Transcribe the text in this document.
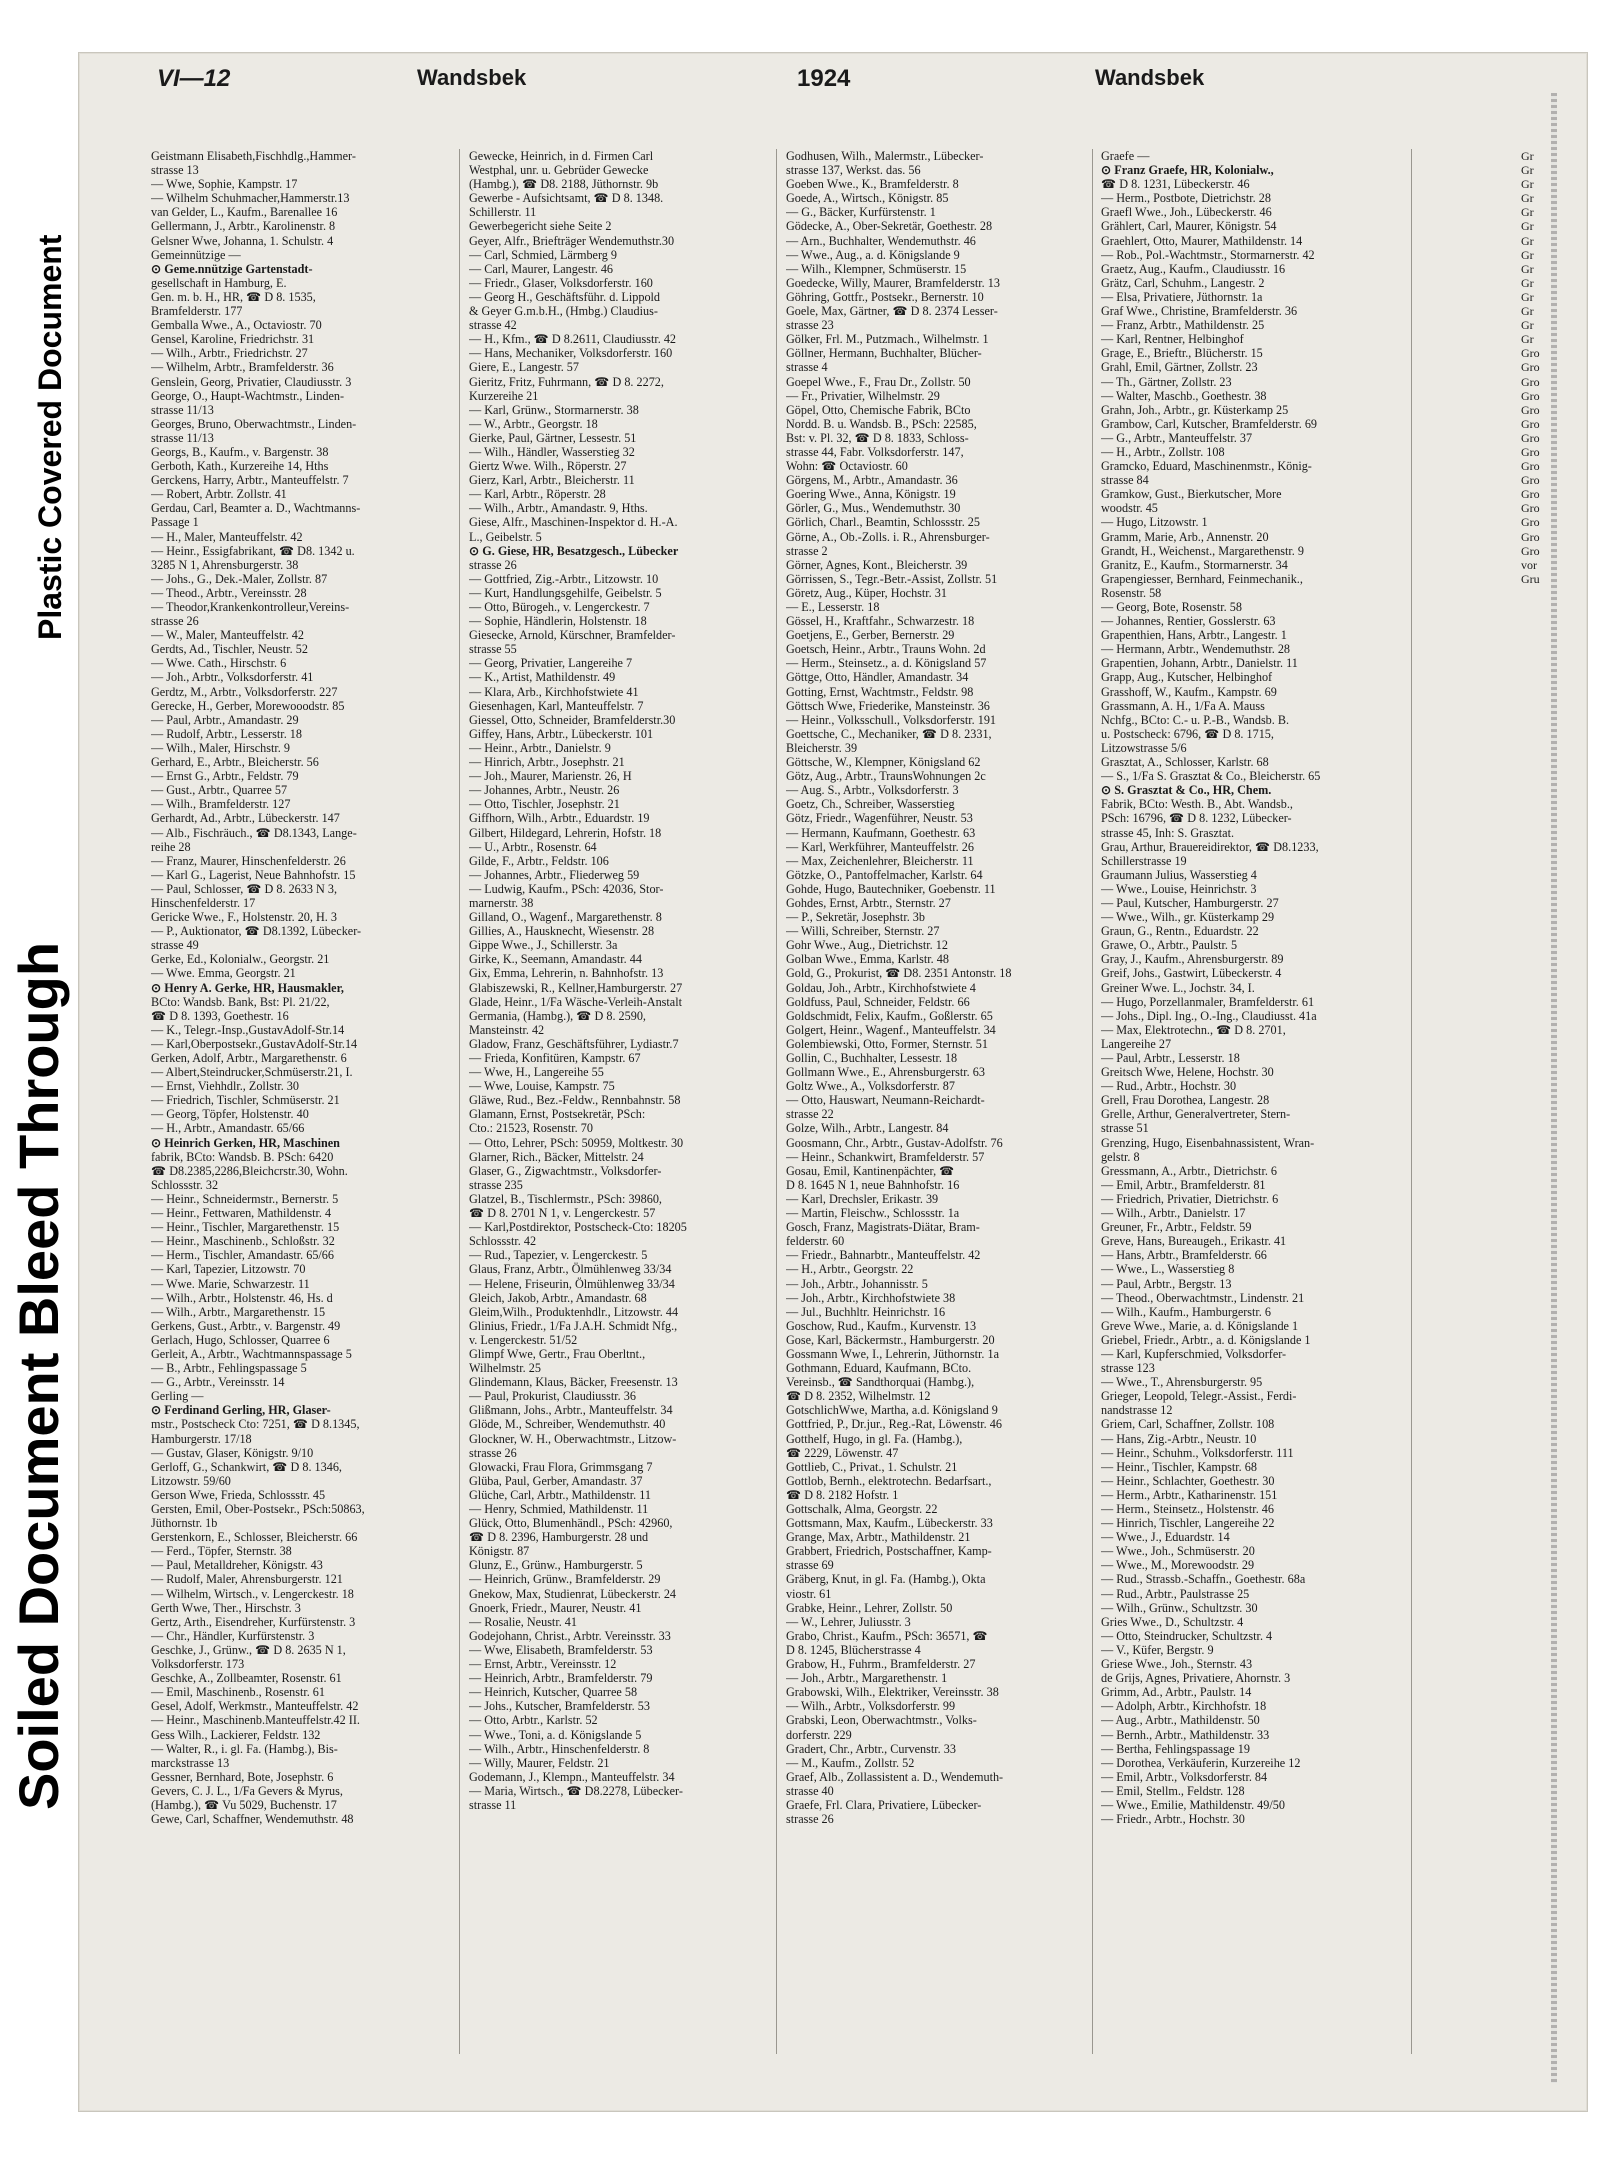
Plastic Covered Document
Soiled Document Bleed Through
VI—12	Wandsbek	1924	Wandsbek
Geistmann Elisabeth,Fischhdlg.,Hammer-
strasse 13
— Wwe, Sophie, Kampstr. 17
— Wilhelm Schuhmacher,Hammerstr.13
van Gelder, L., Kaufm., Barenallee 16
Gellermann, J., Arbtr., Karolinenstr. 8
Gelsner Wwe, Johanna, 1. Schulstr. 4
Gemeinnützige —
⊙ Geme.nnützige Gartenstadt-
gesellschaft in Hamburg, E.
Gen. m. b. H., HR, ☎ D 8. 1535,
Bramfelderstr. 177
Gemballa Wwe., A., Octaviostr. 70
Gensel, Karoline, Friedrichstr. 31
— Wilh., Arbtr., Friedrichstr. 27
— Wilhelm, Arbtr., Bramfelderstr. 36
Genslein, Georg, Privatier, Claudiusstr. 3
George, O., Haupt-Wachtmstr., Linden-
strasse 11/13
Georges, Bruno, Oberwachtmstr., Linden-
strasse 11/13
Georgs, B., Kaufm., v. Bargenstr. 38
Gerboth, Kath., Kurzereihe 14, Hths
Gerckens, Harry, Arbtr., Manteuffelstr. 7
— Robert, Arbtr. Zollstr. 41
Gerdau, Carl, Beamter a. D., Wachtmanns-
Passage 1
— H., Maler, Manteuffelstr. 42
— Heinr., Essigfabrikant, ☎ D8. 1342 u.
3285 N 1, Ahrensburgerstr. 38
— Johs., G., Dek.-Maler, Zollstr. 87
— Theod., Arbtr., Vereinsstr. 28
— Theodor,Krankenkontrolleur,Vereins-
strasse 26
— W., Maler, Manteuffelstr. 42
Gerdts, Ad., Tischler, Neustr. 52
— Wwe. Cath., Hirschstr. 6
— Joh., Arbtr., Volksdorferstr. 41
Gerdtz, M., Arbtr., Volksdorferstr. 227
Gerecke, H., Gerber, Morewooodstr. 85
— Paul, Arbtr., Amandastr. 29
— Rudolf, Arbtr., Lesserstr. 18
— Wilh., Maler, Hirschstr. 9
Gerhard, E., Arbtr., Bleicherstr. 56
— Ernst G., Arbtr., Feldstr. 79
— Gust., Arbtr., Quarree 57
— Wilh., Bramfelderstr. 127
Gerhardt, Ad., Arbtr., Lübeckerstr. 147
— Alb., Fischräuch., ☎ D8.1343, Lange-
reihe 28
— Franz, Maurer, Hinschenfelderstr. 26
— Karl G., Lagerist, Neue Bahnhofstr. 15
— Paul, Schlosser, ☎ D 8. 2633 N 3,
Hinschenfelderstr. 17
Gericke Wwe., F., Holstenstr. 20, H. 3
— P., Auktionator, ☎ D8.1392, Lübecker-
strasse 49
Gerke, Ed., Kolonialw., Georgstr. 21
— Wwe. Emma, Georgstr. 21
⊙ Henry A. Gerke, HR, Hausmakler,
BCto: Wandsb. Bank, Bst: Pl. 21/22,
☎ D 8. 1393, Goethestr. 16
— K., Telegr.-Insp.,GustavAdolf-Str.14
— Karl,Oberpostsekr.,GustavAdolf-Str.14
Gerken, Adolf, Arbtr., Margarethenstr. 6
— Albert,Steindrucker,Schmüserstr.21, I.
— Ernst, Viehhdlr., Zollstr. 30
— Friedrich, Tischler, Schmüserstr. 21
— Georg, Töpfer, Holstenstr. 40
— H., Arbtr., Amandastr. 65/66
⊙ Heinrich Gerken, HR, Maschinen
fabrik, BCto: Wandsb. B. PSch: 6420
☎ D8.2385,2286,Bleichcrstr.30, Wohn.
Schlossstr. 32
— Heinr., Schneidermstr., Bernerstr. 5
— Heinr., Fettwaren, Mathildenstr. 4
— Heinr., Tischler, Margarethenstr. 15
— Heinr., Maschinenb., Schloßstr. 32
— Herm., Tischler, Amandastr. 65/66
— Karl, Tapezier, Litzowstr. 70
— Wwe. Marie, Schwarzestr. 11
— Wilh., Arbtr., Holstenstr. 46, Hs. d
— Wilh., Arbtr., Margarethenstr. 15
Gerkens, Gust., Arbtr., v. Bargenstr. 49
Gerlach, Hugo, Schlosser, Quarree 6
Gerleit, A., Arbtr., Wachtmannspassage 5
— B., Arbtr., Fehlingspassage 5
— G., Arbtr., Vereinsstr. 14
Gerling —
⊙ Ferdinand Gerling, HR, Glaser-
mstr., Postscheck Cto: 7251, ☎ D 8.1345,
Hamburgerstr. 17/18
— Gustav, Glaser, Königstr. 9/10
Gerloff, G., Schankwirt, ☎ D 8. 1346,
Litzowstr. 59/60
Gerson Wwe, Frieda, Schlossstr. 45
Gersten, Emil, Ober-Postsekr., PSch:50863,
Jüthornstr. 1b
Gerstenkorn, E., Schlosser, Bleicherstr. 66
— Ferd., Töpfer, Sternstr. 38
— Paul, Metalldreher, Königstr. 43
— Rudolf, Maler, Ahrensburgerstr. 121
— Wilhelm, Wirtsch., v. Lengerckestr. 18
Gerth Wwe, Ther., Hirschstr. 3
Gertz, Arth., Eisendreher, Kurfürstenstr. 3
— Chr., Händler, Kurfürstenstr. 3
Geschke, J., Grünw., ☎ D 8. 2635 N 1,
Volksdorferstr. 173
Geschke, A., Zollbeamter, Rosenstr. 61
— Emil, Maschinenb., Rosenstr. 61
Gesel, Adolf, Werkmstr., Manteuffelstr. 42
— Heinr., Maschinenb.Manteuffelstr.42 II.
Gess Wilh., Lackierer, Feldstr. 132
— Walter, R., i. gl. Fa. (Hambg.), Bis-
marckstrasse 13
Gessner, Bernhard, Bote, Josephstr. 6
Gevers, C. J. L., 1/Fa Gevers & Myrus,
(Hambg.), ☎ Vu 5029, Buchenstr. 17
Gewe, Carl, Schaffner, Wendemuthstr. 48
Gewecke, Heinrich, in d. Firmen Carl
Westphal, unr. u. Gebrüder Gewecke
(Hambg.), ☎ D8. 2188, Jüthornstr. 9b
Gewerbe - Aufsichtsamt, ☎ D 8. 1348.
Schillerstr. 11
Gewerbegericht siehe Seite 2
Geyer, Alfr., Briefträger Wendemuthstr.30
— Carl, Schmied, Lärmberg 9
— Carl, Maurer, Langestr. 46
— Friedr., Glaser, Volksdorferstr. 160
— Georg H., Geschäftsführ. d. Lippold
& Geyer G.m.b.H., (Hmbg.) Claudius-
strasse 42
— H., Kfm., ☎ D 8.2611, Claudiusstr. 42
— Hans, Mechaniker, Volksdorferstr. 160
Giere, E., Langestr. 57
Gieritz, Fritz, Fuhrmann, ☎ D 8. 2272,
Kurzereihe 21
— Karl, Grünw., Stormarnerstr. 38
— W., Arbtr., Georgstr. 18
Gierke, Paul, Gärtner, Lessestr. 51
— Wilh., Händler, Wasserstieg 32
Giertz Wwe. Wilh., Röperstr. 27
Gierz, Karl, Arbtr., Bleicherstr. 11
— Karl, Arbtr., Röperstr. 28
— Wilh., Arbtr., Amandastr. 9, Hths.
Giese, Alfr., Maschinen-Inspektor d. H.-A.
L., Geibelstr. 5
⊙ G. Giese, HR, Besatzgesch., Lübecker
strasse 26
— Gottfried, Zig.-Arbtr., Litzowstr. 10
— Kurt, Handlungsgehilfe, Geibelstr. 5
— Otto, Bürogeh., v. Lengerckestr. 7
— Sophie, Händlerin, Holstenstr. 18
Giesecke, Arnold, Kürschner, Bramfelder-
strasse 55
— Georg, Privatier, Langereihe 7
— K., Artist, Mathildenstr. 49
— Klara, Arb., Kirchhofstwiete 41
Giesenhagen, Karl, Manteuffelstr. 7
Giessel, Otto, Schneider, Bramfelderstr.30
Giffey, Hans, Arbtr., Lübeckerstr. 101
— Heinr., Arbtr., Danielstr. 9
— Hinrich, Arbtr., Josephstr. 21
— Joh., Maurer, Marienstr. 26, H
— Johannes, Arbtr., Neustr. 26
— Otto, Tischler, Josephstr. 21
Giffhorn, Wilh., Arbtr., Eduardstr. 19
Gilbert, Hildegard, Lehrerin, Hofstr. 18
— U., Arbtr., Rosenstr. 64
Gilde, F., Arbtr., Feldstr. 106
— Johannes, Arbtr., Fliederweg 59
— Ludwig, Kaufm., PSch: 42036, Stor-
marnerstr. 38
Gilland, O., Wagenf., Margarethenstr. 8
Gillies, A., Hausknecht, Wiesenstr. 28
Gippe Wwe., J., Schillerstr. 3a
Girke, K., Seemann, Amandastr. 44
Gix, Emma, Lehrerin, n. Bahnhofstr. 13
Glabiszewski, R., Kellner,Hamburgerstr. 27
Glade, Heinr., 1/Fa Wäsche-Verleih-Anstalt
Germania, (Hambg.), ☎ D 8. 2590,
Mansteinstr. 42
Gladow, Franz, Geschäftsführer, Lydiastr.7
— Frieda, Konfitüren, Kampstr. 67
— Wwe, H., Langereihe 55
— Wwe, Louise, Kampstr. 75
Gläwe, Rud., Bez.-Feldw., Rennbahnstr. 58
Glamann, Ernst, Postsekretär, PSch:
Cto.: 21523, Rosenstr. 70
— Otto, Lehrer, PSch: 50959, Moltkestr. 30
Glarner, Rich., Bäcker, Mittelstr. 24
Glaser, G., Zigwachtmstr., Volksdorfer-
strasse 235
Glatzel, B., Tischlermstr., PSch: 39860,
☎ D 8. 2701 N 1, v. Lengerckestr. 57
— Karl,Postdirektor, Postscheck-Cto: 18205
Schlossstr. 42
— Rud., Tapezier, v. Lengerckestr. 5
Glaus, Franz, Arbtr., Ölmühlenweg 33/34
— Helene, Friseurin, Ölmühlenweg 33/34
Gleich, Jakob, Arbtr., Amandastr. 68
Gleim,Wilh., Produktenhdlr., Litzowstr. 44
Glinius, Friedr., 1/Fa J.A.H. Schmidt Nfg.,
v. Lengerckestr. 51/52
Glimpf Wwe, Gertr., Frau Oberltnt.,
Wilhelmstr. 25
Glindemann, Klaus, Bäcker, Freesenstr. 13
— Paul, Prokurist, Claudiusstr. 36
Glißmann, Johs., Arbtr., Manteuffelstr. 34
Glöde, M., Schreiber, Wendemuthstr. 40
Glockner, W. H., Oberwachtmstr., Litzow-
strasse 26
Glowacki, Frau Flora, Grimmsgang 7
Glüba, Paul, Gerber, Amandastr. 37
Glüche, Carl, Arbtr., Mathildenstr. 11
— Henry, Schmied, Mathildenstr. 11
Glück, Otto, Blumenhändl., PSch: 42960,
☎ D 8. 2396, Hamburgerstr. 28 und
Königstr. 87
Glunz, E., Grünw., Hamburgerstr. 5
— Heinrich, Grünw., Bramfelderstr. 29
Gnekow, Max, Studienrat, Lübeckerstr. 24
Gnoerk, Friedr., Maurer, Neustr. 41
— Rosalie, Neustr. 41
Godejohann, Christ., Arbtr. Vereinsstr. 33
— Wwe, Elisabeth, Bramfelderstr. 53
— Ernst, Arbtr., Vereinsstr. 12
— Heinrich, Arbtr., Bramfelderstr. 79
— Heinrich, Kutscher, Quarree 58
— Johs., Kutscher, Bramfelderstr. 53
— Otto, Arbtr., Karlstr. 52
— Wwe., Toni, a. d. Königslande 5
— Wilh., Arbtr., Hinschenfelderstr. 8
— Willy, Maurer, Feldstr. 21
Godemann, J., Klempn., Manteuffelstr. 34
— Maria, Wirtsch., ☎ D8.2278, Lübecker-
strasse 11
Godhusen, Wilh., Malermstr., Lübecker-
strasse 137, Werkst. das. 56
Goeben Wwe., K., Bramfelderstr. 8
Goede, A., Wirtsch., Königstr. 85
— G., Bäcker, Kurfürstenstr. 1
Gödecke, A., Ober-Sekretär, Goethestr. 28
— Arn., Buchhalter, Wendemuthstr. 46
— Wwe., Aug., a. d. Königslande 9
— Wilh., Klempner, Schmüserstr. 15
Goedecke, Willy, Maurer, Bramfelderstr. 13
Göhring, Gottfr., Postsekr., Bernerstr. 10
Goele, Max, Gärtner, ☎ D 8. 2374 Lesser-
strasse 23
Gölker, Frl. M., Putzmach., Wilhelmstr. 1
Göllner, Hermann, Buchhalter, Blücher-
strasse 4
Goepel Wwe., F., Frau Dr., Zollstr. 50
— Fr., Privatier, Wilhelmstr. 29
Göpel, Otto, Chemische Fabrik, BCto
Nordd. B. u. Wandsb. B., PSch: 22585,
Bst: v. Pl. 32, ☎ D 8. 1833, Schloss-
strasse 44, Fabr. Volksdorferstr. 147,
Wohn: ☎ Octaviostr. 60
Görgens, M., Arbtr., Amandastr. 36
Goering Wwe., Anna, Königstr. 19
Görler, G., Mus., Wendemuthstr. 30
Görlich, Charl., Beamtin, Schlossstr. 25
Görne, A., Ob.-Zolls. i. R., Ahrensburger-
strasse 2
Görner, Agnes, Kont., Bleicherstr. 39
Görrissen, S., Tegr.-Betr.-Assist, Zollstr. 51
Göretz, Aug., Küper, Hochstr. 31
— E., Lesserstr. 18
Gössel, H., Kraftfahr., Schwarzestr. 18
Goetjens, E., Gerber, Bernerstr. 29
Goetsch, Heinr., Arbtr., Trauns Wohn. 2d
— Herm., Steinsetz., a. d. Königsland 57
Göttge, Otto, Händler, Amandastr. 34
Gotting, Ernst, Wachtmstr., Feldstr. 98
Göttsch Wwe, Friederike, Mansteinstr. 36
— Heinr., Volksschull., Volksdorferstr. 191
Goettsche, C., Mechaniker, ☎ D 8. 2331,
Bleicherstr. 39
Göttsche, W., Klempner, Königsland 62
Götz, Aug., Arbtr., TraunsWohnungen 2c
— Aug. S., Arbtr., Volksdorferstr. 3
Goetz, Ch., Schreiber, Wasserstieg
Götz, Friedr., Wagenführer, Neustr. 53
— Hermann, Kaufmann, Goethestr. 63
— Karl, Werkführer, Manteuffelstr. 26
— Max, Zeichenlehrer, Bleicherstr. 11
Götzke, O., Pantoffelmacher, Karlstr. 64
Gohde, Hugo, Bautechniker, Goebenstr. 11
Gohdes, Ernst, Arbtr., Sternstr. 27
— P., Sekretär, Josephstr. 3b
— Willi, Schreiber, Sternstr. 27
Gohr Wwe., Aug., Dietrichstr. 12
Golban Wwe., Emma, Karlstr. 48
Gold, G., Prokurist, ☎ D8. 2351 Antonstr. 18
Goldau, Joh., Arbtr., Kirchhofstwiete 4
Goldfuss, Paul, Schneider, Feldstr. 66
Goldschmidt, Felix, Kaufm., Goßlerstr. 65
Golgert, Heinr., Wagenf., Manteuffelstr. 34
Golembiewski, Otto, Former, Sternstr. 51
Gollin, C., Buchhalter, Lessestr. 18
Gollmann Wwe., E., Ahrensburgerstr. 63
Goltz Wwe., A., Volksdorferstr. 87
— Otto, Hauswart, Neumann-Reichardt-
strasse 22
Golze, Wilh., Arbtr., Langestr. 84
Goosmann, Chr., Arbtr., Gustav-Adolfstr. 76
— Heinr., Schankwirt, Bramfelderstr. 57
Gosau, Emil, Kantinenpächter, ☎
D 8. 1645 N 1, neue Bahnhofstr. 16
— Karl, Drechsler, Erikastr. 39
— Martin, Fleischw., Schlossstr. 1a
Gosch, Franz, Magistrats-Diätar, Bram-
felderstr. 60
— Friedr., Bahnarbtr., Manteuffelstr. 42
— H., Arbtr., Georgstr. 22
— Joh., Arbtr., Johannisstr. 5
— Joh., Arbtr., Kirchhofstwiete 38
— Jul., Buchhltr. Heinrichstr. 16
Goschow, Rud., Kaufm., Kurvenstr. 13
Gose, Karl, Bäckermstr., Hamburgerstr. 20
Gossmann Wwe, I., Lehrerin, Jüthornstr. 1a
Gothmann, Eduard, Kaufmann, BCto.
Vereinsb., ☎ Sandthorquai (Hambg.),
☎ D 8. 2352, Wilhelmstr. 12
GotschlichWwe, Martha, a.d. Königsland 9
Gottfried, P., Dr.jur., Reg.-Rat, Löwenstr. 46
Gotthelf, Hugo, in gl. Fa. (Hambg.),
☎ 2229, Löwenstr. 47
Gottlieb, C., Privat., 1. Schulstr. 21
Gottlob, Bernh., elektrotechn. Bedarfsart.,
☎ D 8. 2182 Hofstr. 1
Gottschalk, Alma, Georgstr. 22
Gottsmann, Max, Kaufm., Lübeckerstr. 33
Grange, Max, Arbtr., Mathildenstr. 21
Grabbert, Friedrich, Postschaffner, Kamp-
strasse 69
Gräberg, Knut, in gl. Fa. (Hambg.), Okta
viostr. 61
Grabke, Heinr., Lehrer, Zollstr. 50
— W., Lehrer, Juliusstr. 3
Grabo, Christ., Kaufm., PSch: 36571, ☎
D 8. 1245, Blücherstrasse 4
Grabow, H., Fuhrm., Bramfelderstr. 27
— Joh., Arbtr., Margarethenstr. 1
Grabowski, Wilh., Elektriker, Vereinsstr. 38
— Wilh., Arbtr., Volksdorferstr. 99
Grabski, Leon, Oberwachtmstr., Volks-
dorferstr. 229
Gradert, Chr., Arbtr., Curvenstr. 33
— M., Kaufm., Zollstr. 52
Graef, Alb., Zollassistent a. D., Wendemuth-
strasse 40
Graefe, Frl. Clara, Privatiere, Lübecker-
strasse 26
Graefe —
⊙ Franz Graefe, HR, Kolonialw.,
☎ D 8. 1231, Lübeckerstr. 46
— Herm., Postbote, Dietrichstr. 28
Graefl Wwe., Joh., Lübeckerstr. 46
Grählert, Carl, Maurer, Königstr. 54
Graehlert, Otto, Maurer, Mathildenstr. 14
— Rob., Pol.-Wachtmstr., Stormarnerstr. 42
Graetz, Aug., Kaufm., Claudiusstr. 16
Grätz, Carl, Schuhm., Langestr. 2
— Elsa, Privatiere, Jüthornstr. 1a
Graf Wwe., Christine, Bramfelderstr. 36
— Franz, Arbtr., Mathildenstr. 25
— Karl, Rentner, Helbinghof
Grage, E., Brieftr., Blücherstr. 15
Grahl, Emil, Gärtner, Zollstr. 23
— Th., Gärtner, Zollstr. 23
— Walter, Maschb., Goethestr. 38
Grahn, Joh., Arbtr., gr. Küsterkamp 25
Grambow, Carl, Kutscher, Bramfelderstr. 69
— G., Arbtr., Manteuffelstr. 37
— H., Arbtr., Zollstr. 108
Gramcko, Eduard, Maschinenmstr., König-
strasse 84
Gramkow, Gust., Bierkutscher, More
woodstr. 45
— Hugo, Litzowstr. 1
Gramm, Marie, Arb., Annenstr. 20
Grandt, H., Weichenst., Margarethenstr. 9
Granitz, E., Kaufm., Stormarnerstr. 34
Grapengiesser, Bernhard, Feinmechanik.,
Rosenstr. 58
— Georg, Bote, Rosenstr. 58
— Johannes, Rentier, Gosslerstr. 63
Grapenthien, Hans, Arbtr., Langestr. 1
— Hermann, Arbtr., Wendemuthstr. 28
Grapentien, Johann, Arbtr., Danielstr. 11
Grapp, Aug., Kutscher, Helbinghof
Grasshoff, W., Kaufm., Kampstr. 69
Grassmann, A. H., 1/Fa A. Mauss
Nchfg., BCto: C.- u. P.-B., Wandsb. B.
u. Postscheck: 6796, ☎ D 8. 1715,
Litzowstrasse 5/6
Grasztat, A., Schlosser, Karlstr. 68
— S., 1/Fa S. Grasztat & Co., Bleicherstr. 65
⊙ S. Grasztat & Co., HR, Chem.
Fabrik, BCto: Westh. B., Abt. Wandsb.,
PSch: 16796, ☎ D 8. 1232, Lübecker-
strasse 45, Inh: S. Grasztat.
Grau, Arthur, Brauereidirektor, ☎ D8.1233,
Schillerstrasse 19
Graumann Julius, Wasserstieg 4
— Wwe., Louise, Heinrichstr. 3
— Paul, Kutscher, Hamburgerstr. 27
— Wwe., Wilh., gr. Küsterkamp 29
Graun, G., Rentn., Eduardstr. 22
Grawe, O., Arbtr., Paulstr. 5
Gray, J., Kaufm., Ahrensburgerstr. 89
Greif, Johs., Gastwirt, Lübeckerstr. 4
Greiner Wwe. L., Jochstr. 34, I.
— Hugo, Porzellanmaler, Bramfelderstr. 61
— Johs., Dipl. Ing., O.-Ing., Claudiusst. 41a
— Max, Elektrotechn., ☎ D 8. 2701,
Langereihe 27
— Paul, Arbtr., Lesserstr. 18
Greitsch Wwe, Helene, Hochstr. 30
— Rud., Arbtr., Hochstr. 30
Grell, Frau Dorothea, Langestr. 28
Grelle, Arthur, Generalvertreter, Stern-
strasse 51
Grenzing, Hugo, Eisenbahnassistent, Wran-
gelstr. 8
Gressmann, A., Arbtr., Dietrichstr. 6
— Emil, Arbtr., Bramfelderstr. 81
— Friedrich, Privatier, Dietrichstr. 6
— Wilh., Arbtr., Danielstr. 17
Greuner, Fr., Arbtr., Feldstr. 59
Greve, Hans, Bureaugeh., Erikastr. 41
— Hans, Arbtr., Bramfelderstr. 66
— Wwe., L., Wasserstieg 8
— Paul, Arbtr., Bergstr. 13
— Theod., Oberwachtmstr., Lindenstr. 21
— Wilh., Kaufm., Hamburgerstr. 6
Greve Wwe., Marie, a. d. Königslande 1
Griebel, Friedr., Arbtr., a. d. Königslande 1
— Karl, Kupferschmied, Volksdorfer-
strasse 123
— Wwe., T., Ahrensburgerstr. 95
Grieger, Leopold, Telegr.-Assist., Ferdi-
nandstrasse 12
Griem, Carl, Schaffner, Zollstr. 108
— Hans, Zig.-Arbtr., Neustr. 10
— Heinr., Schuhm., Volksdorferstr. 111
— Heinr., Tischler, Kampstr. 68
— Heinr., Schlachter, Goethestr. 30
— Herm., Arbtr., Katharinenstr. 151
— Herm., Steinsetz., Holstenstr. 46
— Hinrich, Tischler, Langereihe 22
— Wwe., J., Eduardstr. 14
— Wwe., Joh., Schmüserstr. 20
— Wwe., M., Morewoodstr. 29
— Rud., Strassb.-Schaffn., Goethestr. 68a
— Rud., Arbtr., Paulstrasse 25
— Wilh., Grünw., Schultzstr. 30
Gries Wwe., D., Schultzstr. 4
— Otto, Steindrucker, Schultzstr. 4
— V., Küfer, Bergstr. 9
Griese Wwe., Joh., Sternstr. 43
de Grijs, Agnes, Privatiere, Ahornstr. 3
Grimm, Ad., Arbtr., Paulstr. 14
— Adolph, Arbtr., Kirchhofstr. 18
— Aug., Arbtr., Mathildenstr. 50
— Bernh., Arbtr., Mathildenstr. 33
— Bertha, Fehlingspassage 19
— Dorothea, Verkäuferin, Kurzereihe 12
— Emil, Arbtr., Volksdorferstr. 84
— Emil, Stellm., Feldstr. 128
— Wwe., Emilie, Mathildenstr. 49/50
— Friedr., Arbtr., Hochstr. 30
Gr
Gr
Gr
Gr
Gr
Gr
Gr
Gr
Gr
Gr
Gr
Gr
Gr
Gr
Gro
Gro
Gro
Gro
Gro
Gro
Gro
Gro
Gro
Gro
Gro
Gro
Gro
Gro
Gro
vor
Gru
